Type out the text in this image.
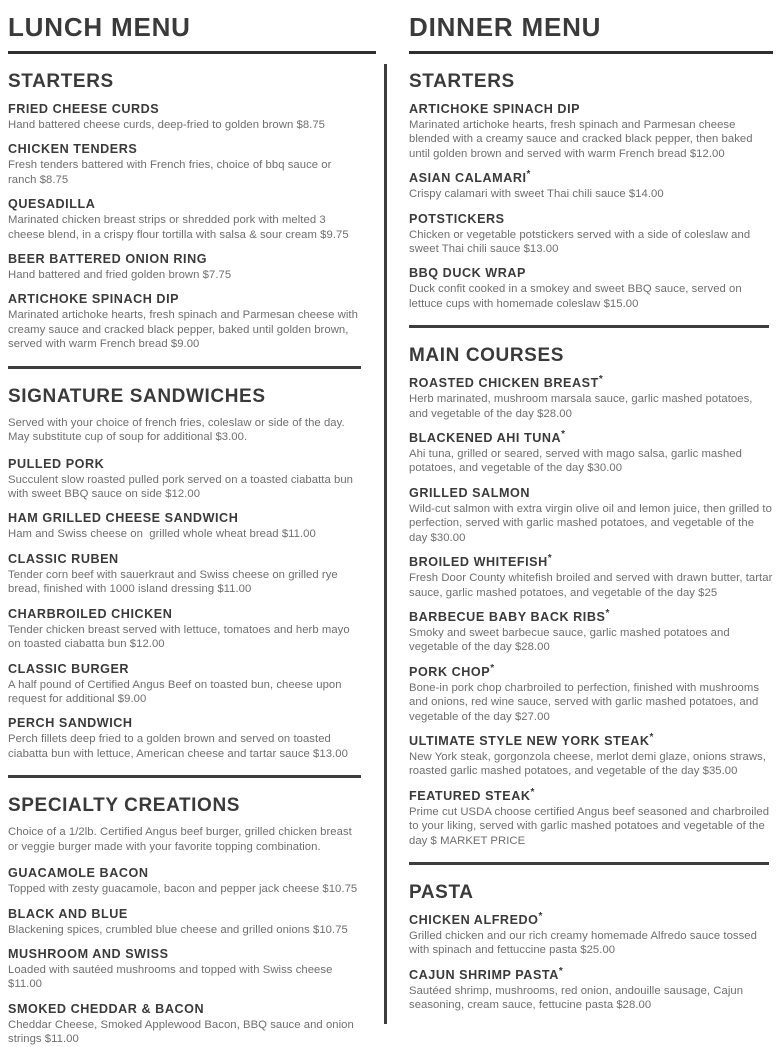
LUNCH MENU
STARTERS
FRIED CHEESE CURDS
Hand battered cheese curds, deep-fried to golden brown $8.75
CHICKEN TENDERS
Fresh tenders battered with French fries, choice of bbq sauce or ranch $8.75
QUESADILLA
Marinated chicken breast strips or shredded pork with melted 3 cheese blend, in a crispy flour tortilla with salsa & sour cream $9.75
BEER BATTERED ONION RING
Hand battered and fried golden brown $7.75
ARTICHOKE SPINACH DIP
Marinated artichoke hearts, fresh spinach and Parmesan cheese with creamy sauce and cracked black pepper, baked until golden brown, served with warm French bread $9.00
SIGNATURE SANDWICHES
Served with your choice of french fries, coleslaw or side of the day. May substitute cup of soup for additional $3.00.
PULLED PORK
Succulent slow roasted pulled pork served on a toasted ciabatta bun with sweet BBQ sauce on side $12.00
HAM GRILLED CHEESE SANDWICH
Ham and Swiss cheese on  grilled whole wheat bread $11.00
CLASSIC RUBEN
Tender corn beef with sauerkraut and Swiss cheese on grilled rye bread, finished with 1000 island dressing $11.00
CHARBROILED CHICKEN
Tender chicken breast served with lettuce, tomatoes and herb mayo on toasted ciabatta bun $12.00
CLASSIC BURGER
A half pound of Certified Angus Beef on toasted bun, cheese upon request for additional $9.00
PERCH SANDWICH
Perch fillets deep fried to a golden brown and served on toasted ciabatta bun with lettuce, American cheese and tartar sauce $13.00
SPECIALTY CREATIONS
Choice of a 1/2lb. Certified Angus beef burger, grilled chicken breast or veggie burger made with your favorite topping combination.
GUACAMOLE BACON
Topped with zesty guacamole, bacon and pepper jack cheese $10.75
BLACK AND BLUE
Blackening spices, crumbled blue cheese and grilled onions $10.75
MUSHROOM AND SWISS
Loaded with sautéed mushrooms and topped with Swiss cheese $11.00
SMOKED CHEDDAR & BACON
Cheddar Cheese, Smoked Applewood Bacon, BBQ sauce and onion strings $11.00
DINNER MENU
STARTERS
ARTICHOKE SPINACH DIP
Marinated artichoke hearts, fresh spinach and Parmesan cheese blended with a creamy sauce and cracked black pepper, then baked until golden brown and served with warm French bread $12.00
ASIAN CALAMARI*
Crispy calamari with sweet Thai chili sauce $14.00
POTSTICKERS
Chicken or vegetable potstickers served with a side of coleslaw and sweet Thai chili sauce $13.00
BBQ DUCK WRAP
Duck confit cooked in a smokey and sweet BBQ sauce, served on lettuce cups with homemade coleslaw $15.00
MAIN COURSES
ROASTED CHICKEN BREAST*
Herb marinated, mushroom marsala sauce, garlic mashed potatoes, and vegetable of the day $28.00
BLACKENED AHI TUNA*
Ahi tuna, grilled or seared, served with mago salsa, garlic mashed potatoes, and vegetable of the day $30.00
GRILLED SALMON
Wild-cut salmon with extra virgin olive oil and lemon juice, then grilled to perfection, served with garlic mashed potatoes, and vegetable of the day $30.00
BROILED WHITEFISH*
Fresh Door County whitefish broiled and served with drawn butter, tartar sauce, garlic mashed potatoes, and vegetable of the day $25
BARBECUE BABY BACK RIBS*
Smoky and sweet barbecue sauce, garlic mashed potatoes and vegetable of the day $28.00
PORK CHOP*
Bone-in pork chop charbroiled to perfection, finished with mushrooms and onions, red wine sauce, served with garlic mashed potatoes, and vegetable of the day $27.00
ULTIMATE STYLE NEW YORK STEAK*
New York steak, gorgonzola cheese, merlot demi glaze, onions straws, roasted garlic mashed potatoes, and vegetable of the day $35.00
FEATURED STEAK*
Prime cut USDA choose certified Angus beef seasoned and charbroiled to your liking, served with garlic mashed potatoes and vegetable of the day $ MARKET PRICE
PASTA
CHICKEN ALFREDO*
Grilled chicken and our rich creamy homemade Alfredo sauce tossed with spinach and fettuccine pasta $25.00
CAJUN SHRIMP PASTA*
Sautéed shrimp, mushrooms, red onion, andouille sausage, Cajun seasoning, cream sauce, fettucine pasta $28.00
